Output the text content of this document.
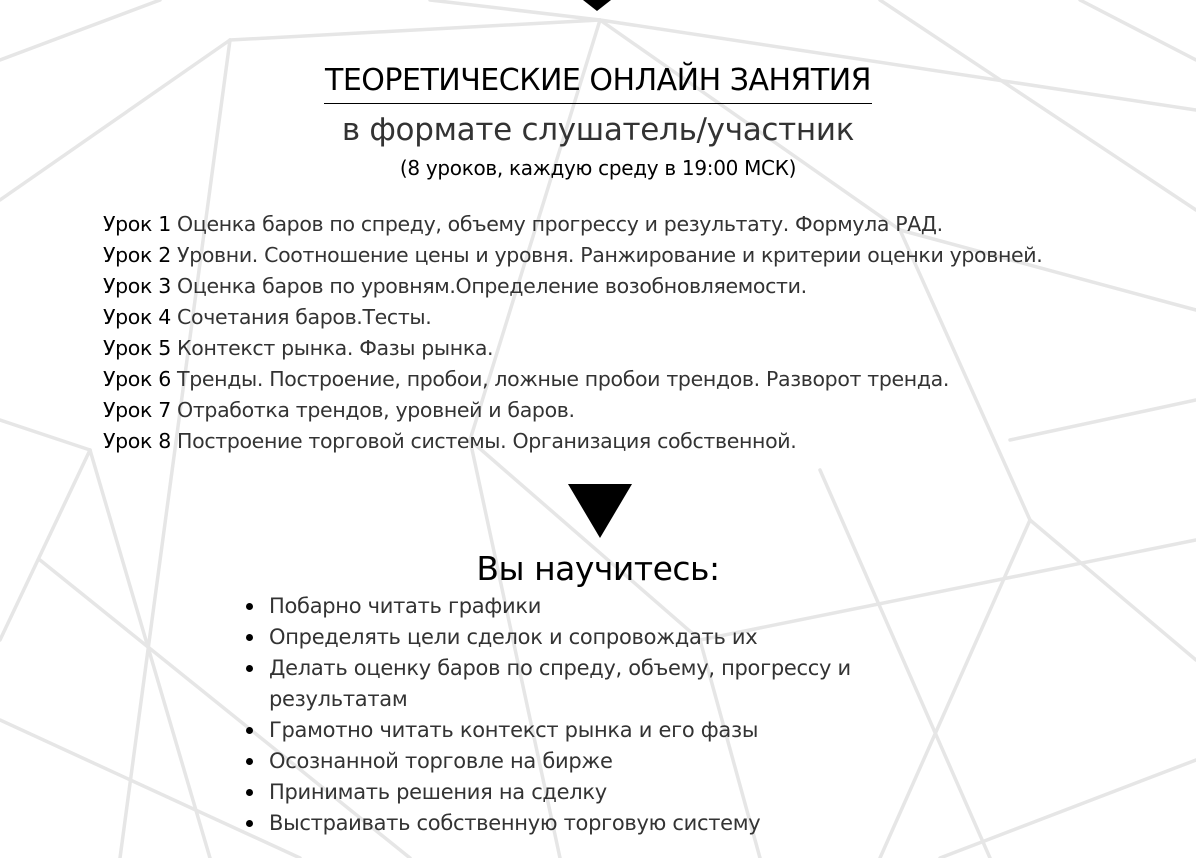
ТЕОРЕТИЧЕСКИЕ ОНЛАЙН ЗАНЯТИЯ
в формате слушатель/участник
(8 уроков, каждую среду в 19:00 МСК)
Урок 1 Оценка баров по спреду, объему прогрессу и результату. Формула РАД.
Урок 2 Уровни. Соотношение цены и уровня. Ранжирование и критерии оценки уровней.
Урок 3 Оценка баров по уровням.Определение возобновляемости.
Урок 4 Сочетания баров.Тесты.
Урок 5 Контекст рынка. Фазы рынка.
Урок 6 Тренды. Построение, пробои, ложные пробои трендов. Разворот тренда.
Урок 7 Отработка трендов, уровней и баров.
Урок 8 Построение торговой системы. Организация собственной.
Вы научитесь:
Побарно читать графики
Определять цели сделок и сопровождать их
Делать оценку баров по спреду, объему, прогрессу и результатам
Грамотно читать контекст рынка и его фазы
Осознанной торговле на бирже
Принимать решения на сделку
Выстраивать собственную торговую систему
